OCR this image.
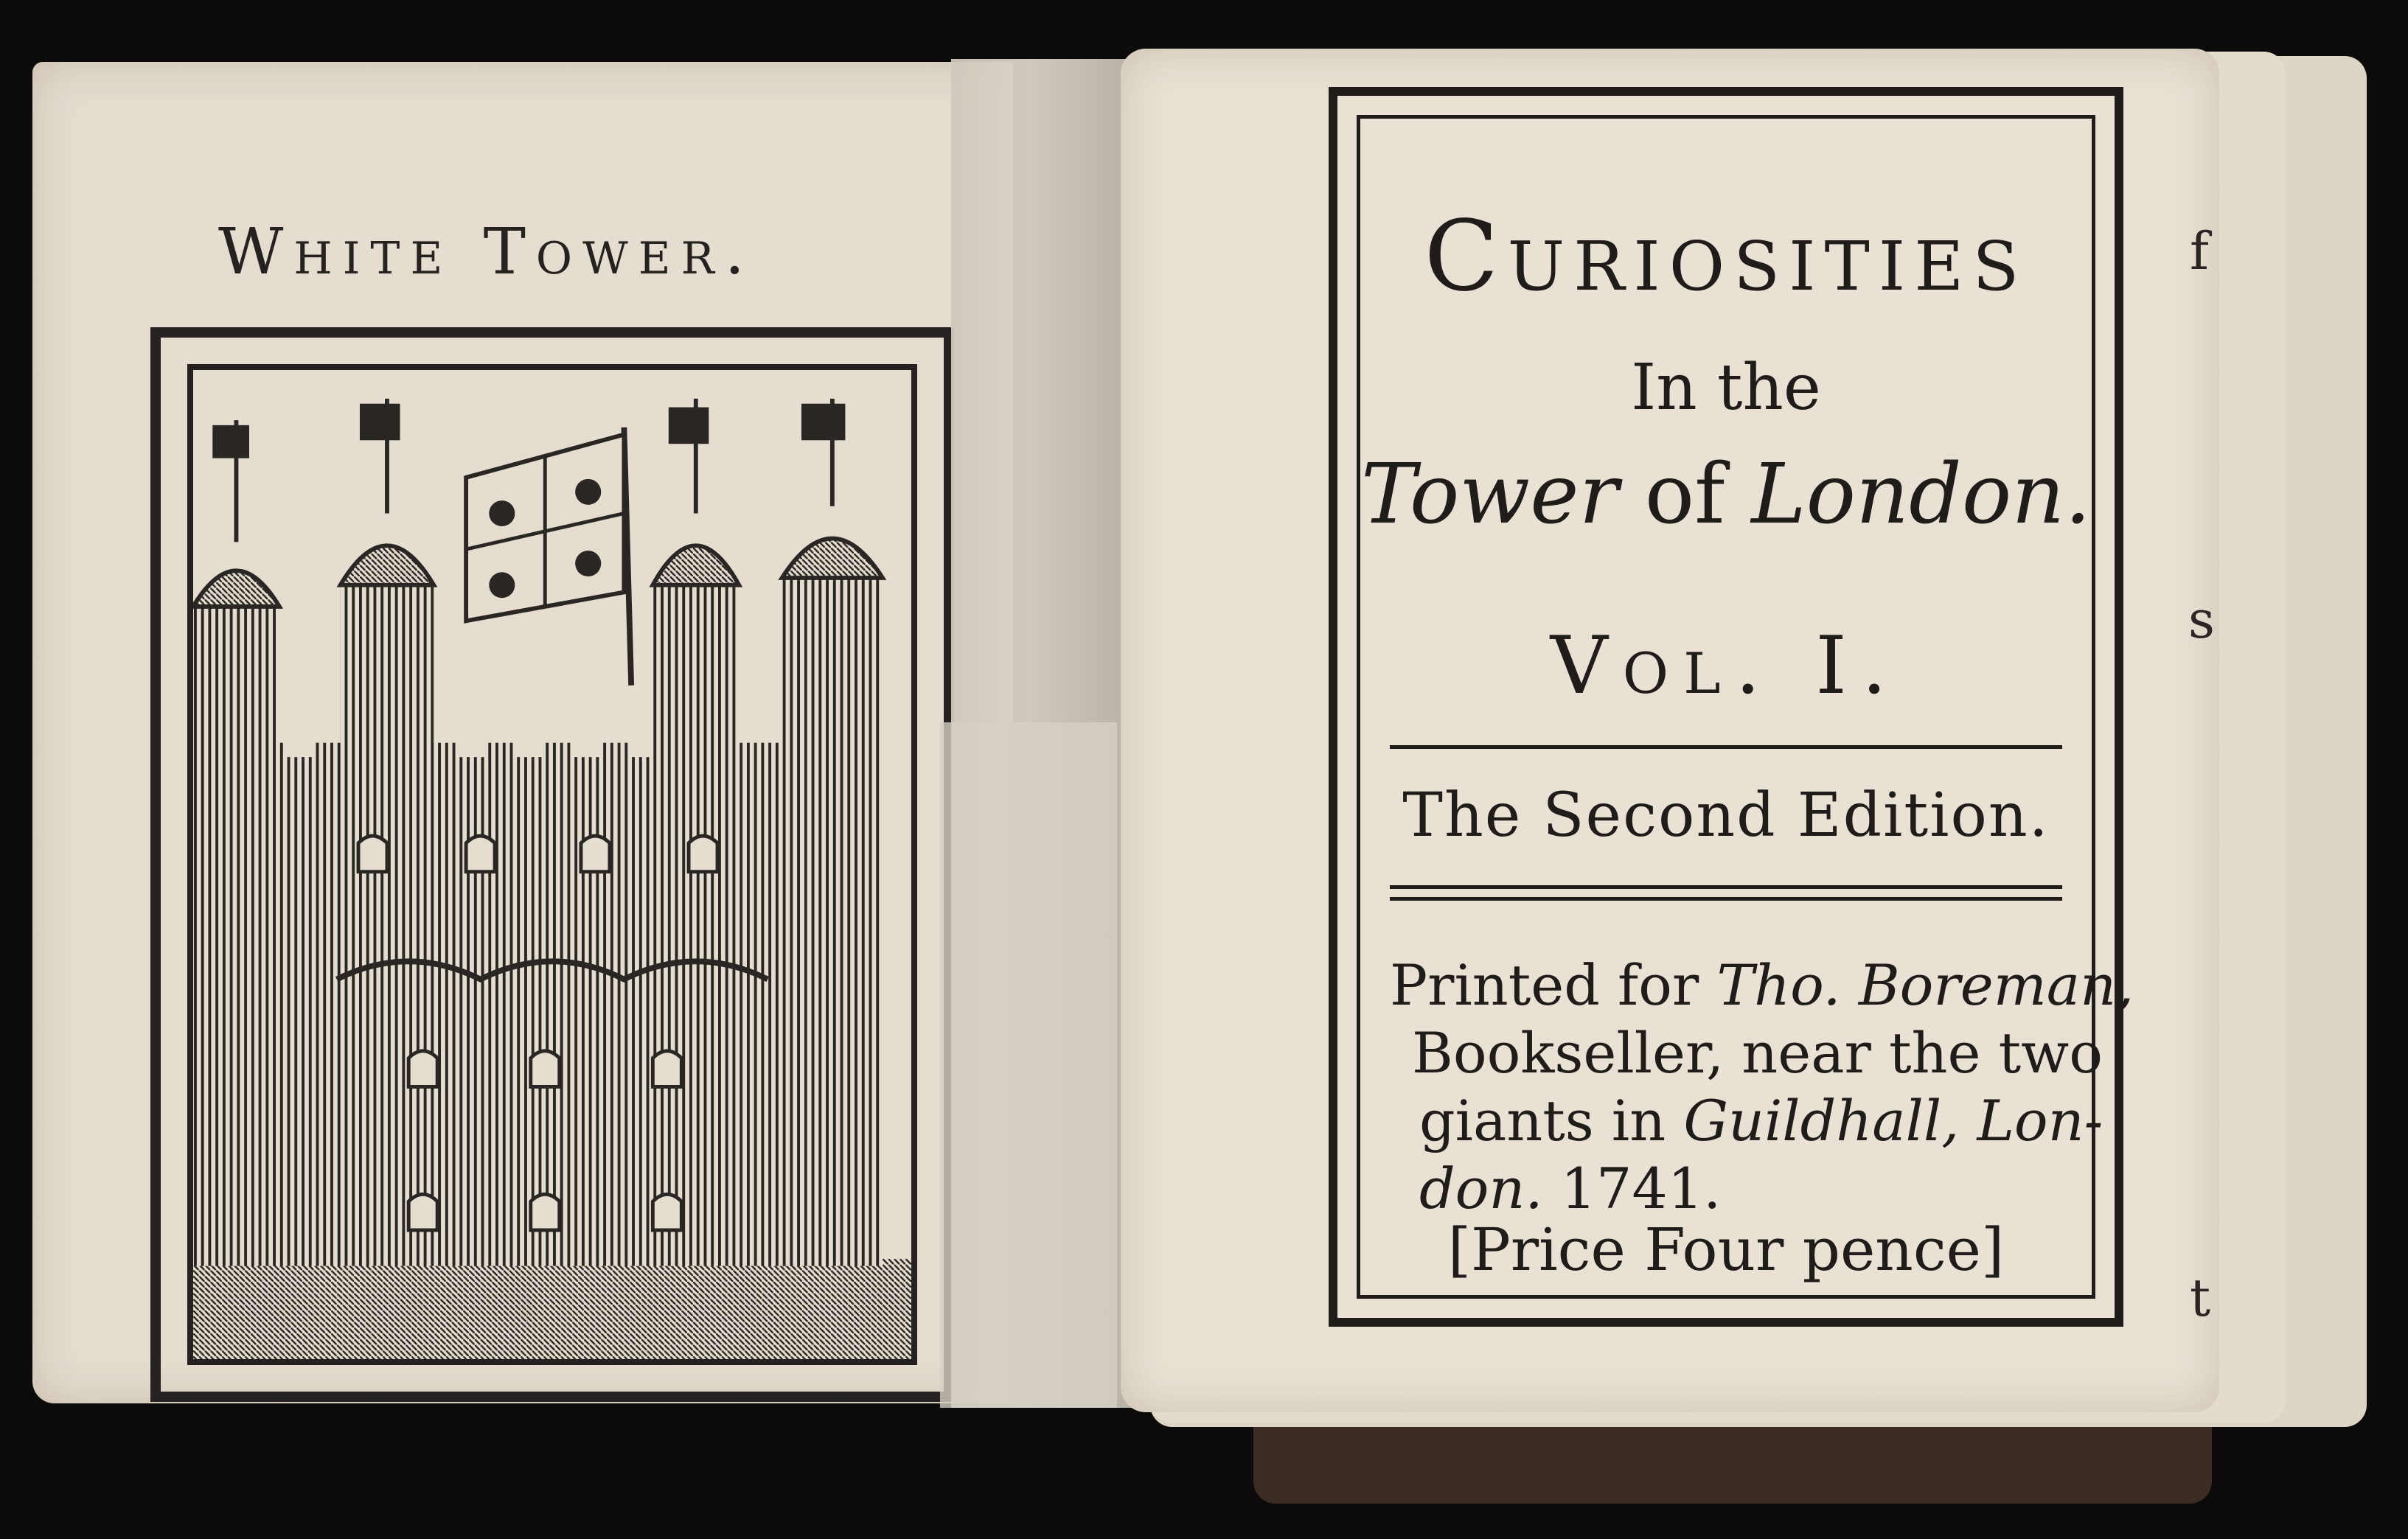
White Tower.	Curiosities
In the
Tower of London.
Vol. I.
The Second Edition.
Printed for Tho. Boreman,
Bookseller, near the two
giants in Guildhall, Lon-
don. 1741.
[Price Four pence]
f
s
t
